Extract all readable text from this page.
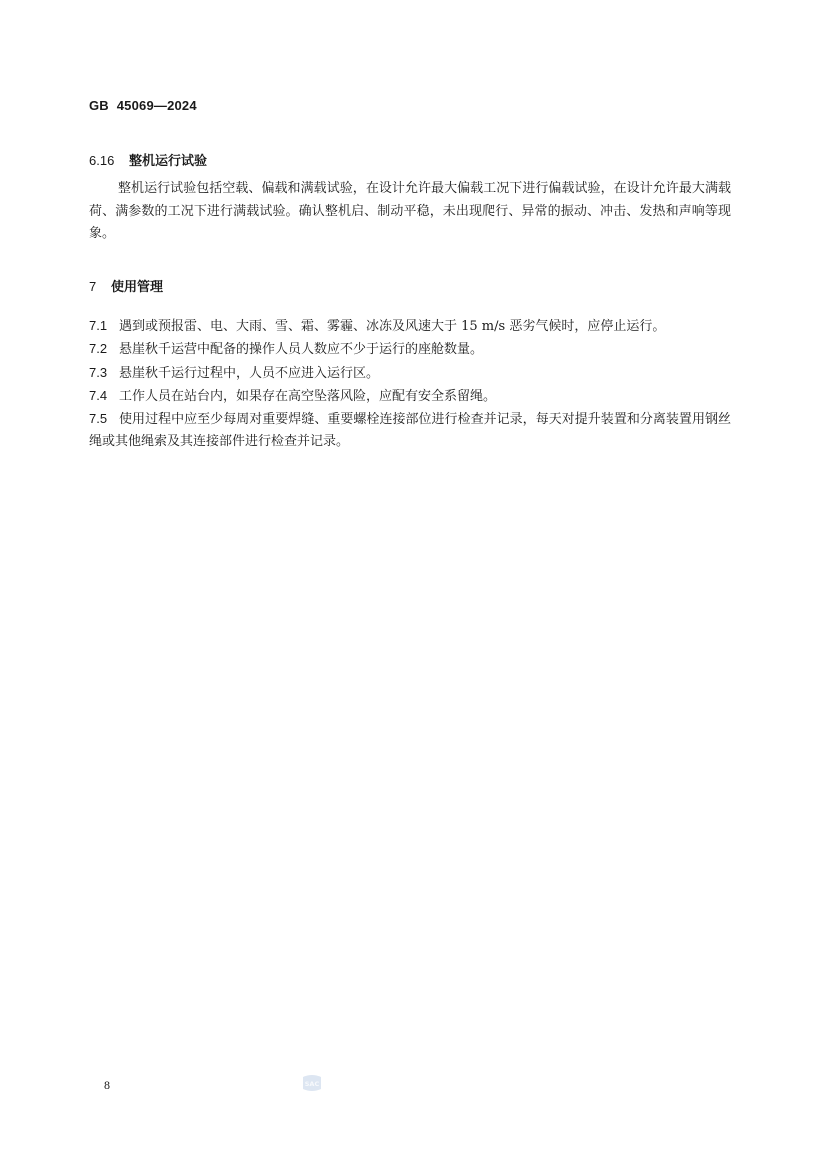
GB 45069—2024
6.16 整机运行试验
整机运行试验包括空载、偏载和满载试验，在设计允许最大偏载工况下进行偏载试验，在设计允许最大满载荷、满参数的工况下进行满载试验。确认整机启、制动平稳，未出现爬行、异常的振动、冲击、发热和声响等现象。
7 使用管理
7.1 遇到或预报雷、电、大雨、雪、霜、雾霾、冰冻及风速大于 15 m/s 恶劣气候时，应停止运行。
7.2 悬崖秋千运营中配备的操作人员人数应不少于运行的座舱数量。
7.3 悬崖秋千运行过程中，人员不应进入运行区。
7.4 工作人员在站台内，如果存在高空坠落风险，应配有安全系留绳。
7.5 使用过程中应至少每周对重要焊缝、重要螺栓连接部位进行检查并记录，每天对提升装置和分离装置用钢丝绳或其他绳索及其连接部件进行检查并记录。
8	SAC
